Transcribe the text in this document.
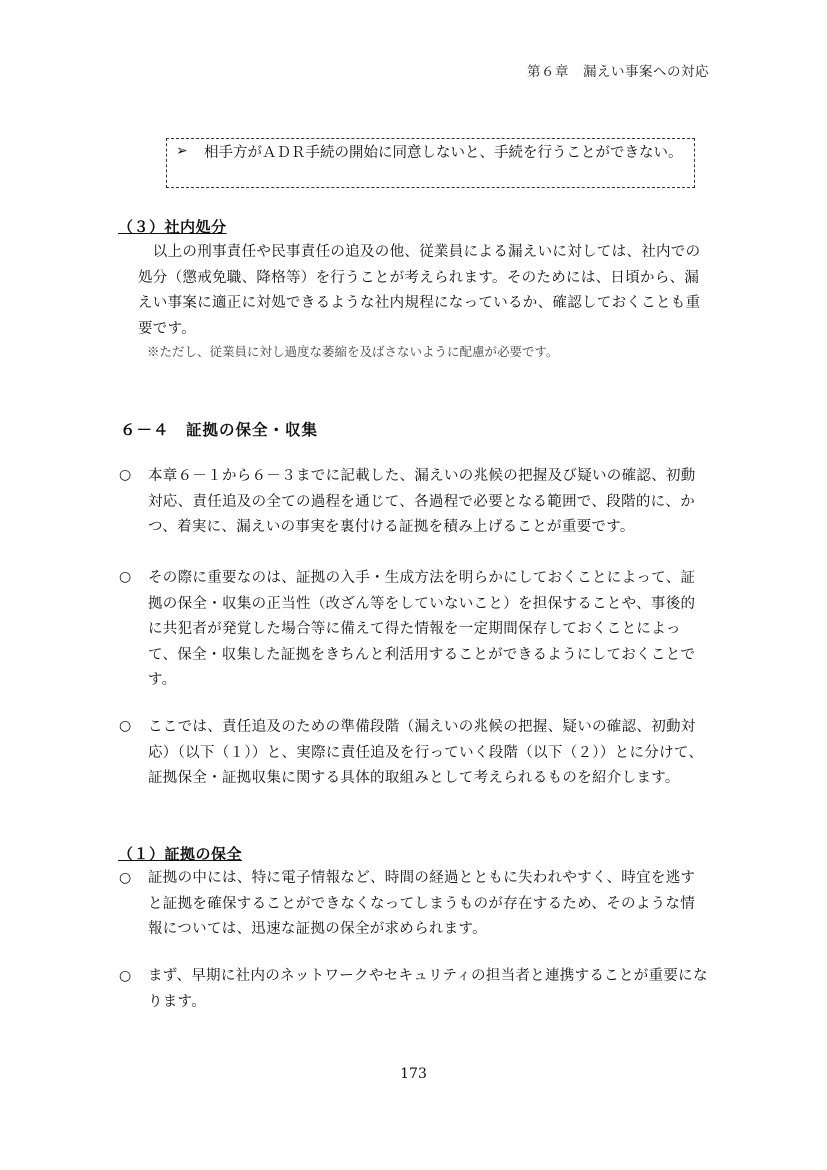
第６章　漏えい事案への対応
➢ 相手方がＡＤＲ手続の開始に同意しないと、手続を行うことができない。
（３）社内処分
　以上の刑事責任や民事責任の追及の他、従業員による漏えいに対しては、社内での処分（懲戒免職、降格等）を行うことが考えられます。そのためには、日頃から、漏えい事案に適正に対処できるような社内規程になっているか、確認しておくことも重要です。
※ただし、従業員に対し過度な萎縮を及ばさないように配慮が必要です。
６－４　証拠の保全・収集
○ 本章６－１から６－３までに記載した、漏えいの兆候の把握及び疑いの確認、初動対応、責任追及の全ての過程を通じて、各過程で必要となる範囲で、段階的に、かつ、着実に、漏えいの事実を裏付ける証拠を積み上げることが重要です。
○ その際に重要なのは、証拠の入手・生成方法を明らかにしておくことによって、証拠の保全・収集の正当性（改ざん等をしていないこと）を担保することや、事後的に共犯者が発覚した場合等に備えて得た情報を一定期間保存しておくことによって、保全・収集した証拠をきちんと利活用することができるようにしておくことです。
○ ここでは、責任追及のための準備段階（漏えいの兆候の把握、疑いの確認、初動対応）（以下（１））と、実際に責任追及を行っていく段階（以下（２））とに分けて、証拠保全・証拠収集に関する具体的取組みとして考えられるものを紹介します。
（１）証拠の保全
○ 証拠の中には、特に電子情報など、時間の経過とともに失われやすく、時宜を逃すと証拠を確保することができなくなってしまうものが存在するため、そのような情報については、迅速な証拠の保全が求められます。
○ まず、早期に社内のネットワークやセキュリティの担当者と連携することが重要になります。
173
